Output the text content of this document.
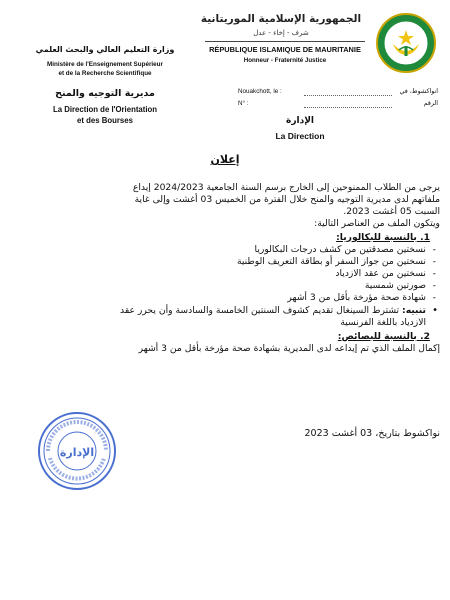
الجمهورية الإسلامية الموريتانية
شرف - إخاء - عدل
RÉPUBLIQUE ISLAMIQUE DE MAURITANIE
Honneur - Fraternité Justice
وزارة التعليم العالي والبحث العلمي
Ministère de l'Enseignement Supérieur
et de la Recherche Scientifique
مديرية التوجيه والمنح
La Direction de l'Orientation
et des Bourses
Nouakchott, le :	انواكشوط، في
N° :	الرقم
الإدارة
La Direction
إعلان

يرجى من الطلاب الممنوحين إلى الخارج برسم السنة الجامعية 2024/2023 إيداع

ملفاتهم لدى مديرية التوجيه والمنح خلال الفترة من الخميس 03 أغشت وإلى غاية

السبت 05 أغشت 2023.

ويتكون الملف من العناصر التالية:

1. بالنسبة للبكالوريا:

- نسختين مصدقتين من كشف درجات البكالوريا
- نسختين من جواز السفر أو بطاقة التعريف الوطنية
- نسختين من عقد الازدياد
- صورتين شمسية
- شهادة صحة مؤرخة بأقل من 3 أشهر
•
تنبيه: تشترط السينغال تقديم كشوف السنتين الخامسة والسادسة وأن يحرر عقد
الازدياد باللغة الفرنسية

2. بالنسبة للبصائص:

إكمال الملف الذي تم إيداعه لدى المديرية بشهادة صحة مؤرخة بأقل من 3 أشهر

نواكشوط بتاريخ، 03 أغشت 2023
الإدارة
